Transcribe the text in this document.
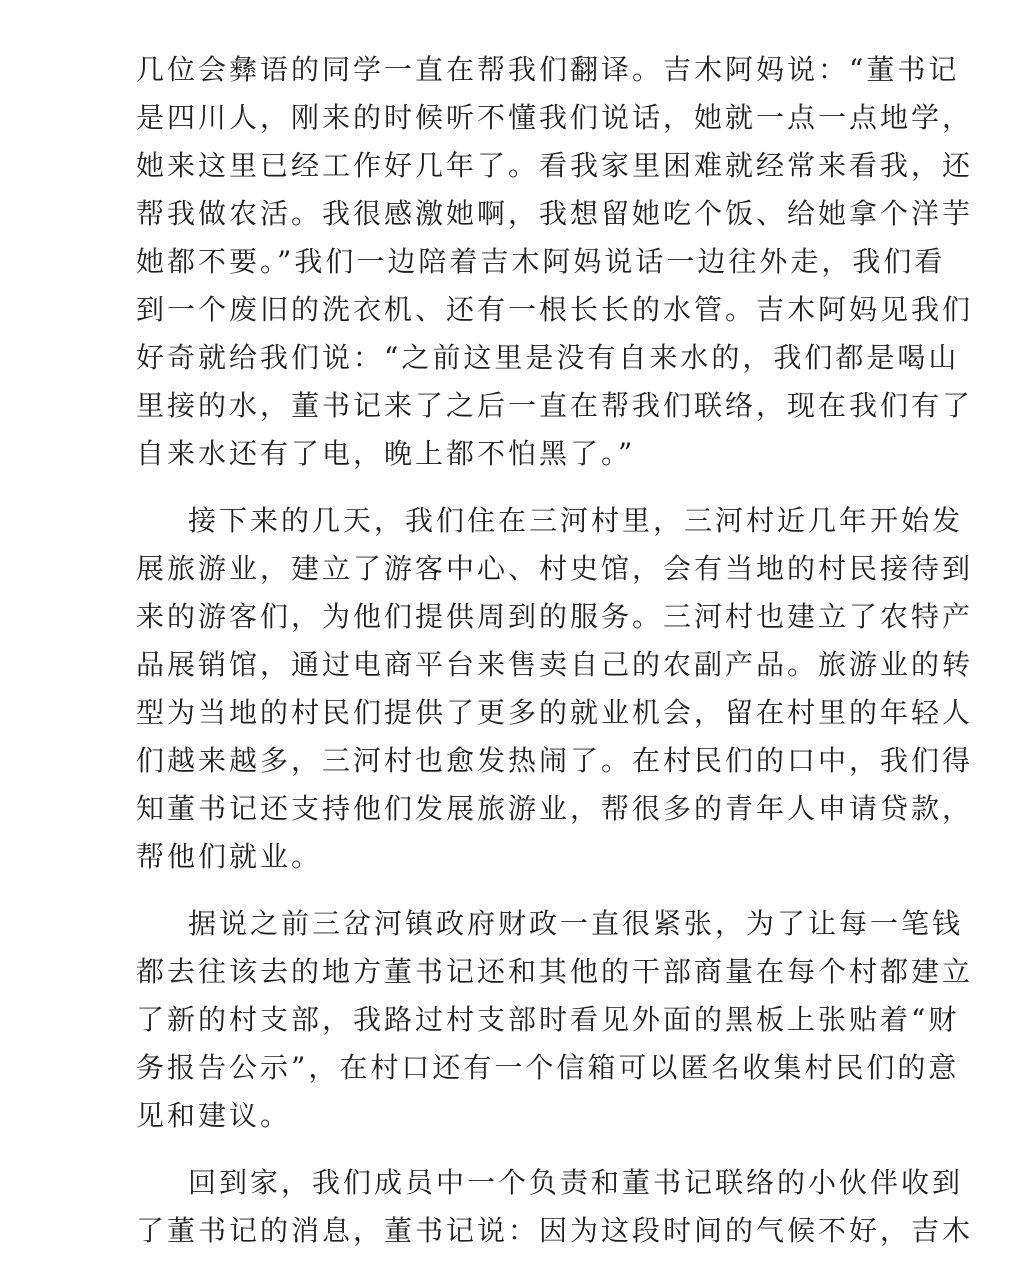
几位会彝语的同学一直在帮我们翻译。吉木阿妈说：“董书记
是四川人，刚来的时候听不懂我们说话，她就一点一点地学，
她来这里已经工作好几年了。看我家里困难就经常来看我，还
帮我做农活。我很感激她啊，我想留她吃个饭、给她拿个洋芋
她都不要。”我们一边陪着吉木阿妈说话一边往外走，我们看
到一个废旧的洗衣机、还有一根长长的水管。吉木阿妈见我们
好奇就给我们说：“之前这里是没有自来水的，我们都是喝山
里接的水，董书记来了之后一直在帮我们联络，现在我们有了
自来水还有了电，晚上都不怕黑了。”
接下来的几天，我们住在三河村里，三河村近几年开始发
展旅游业，建立了游客中心、村史馆，会有当地的村民接待到
来的游客们，为他们提供周到的服务。三河村也建立了农特产
品展销馆，通过电商平台来售卖自己的农副产品。旅游业的转
型为当地的村民们提供了更多的就业机会，留在村里的年轻人
们越来越多，三河村也愈发热闹了。在村民们的口中，我们得
知董书记还支持他们发展旅游业，帮很多的青年人申请贷款，
帮他们就业。
据说之前三岔河镇政府财政一直很紧张，为了让每一笔钱
都去往该去的地方董书记还和其他的干部商量在每个村都建立
了新的村支部，我路过村支部时看见外面的黑板上张贴着“财
务报告公示”，在村口还有一个信箱可以匿名收集村民们的意
见和建议。
回到家，我们成员中一个负责和董书记联络的小伙伴收到
了董书记的消息，董书记说：因为这段时间的气候不好，吉木
